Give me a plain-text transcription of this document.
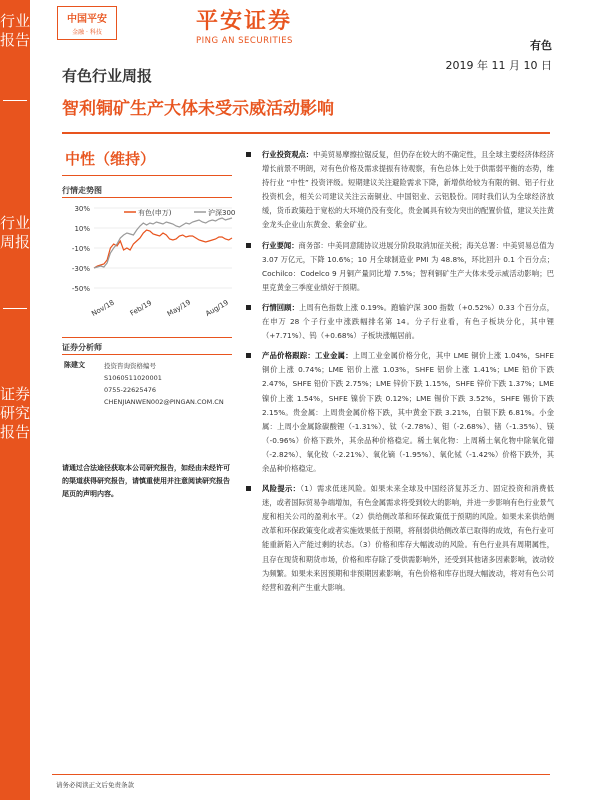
行业报告
行业周报
证券研究报告
中国平安
金融 · 科技	平安证券
PING AN SECURITIES	有色
2019 年 11 月 10 日
有色行业周报
智利铜矿生产大体未受示威活动影响
中性（维持）
行情走势图
有色(申万)	沪深300
30%
10%
-10%
-30%
-50%
Nov/18 Feb/19 May/19 Aug/19
证券分析师
陈建文	投资咨询资格编号
S1060511020001
0755-22625476
CHENJIANWEN002@PINGAN.COM.CN
请通过合法途径获取本公司研究报告，如经由未经许可的渠道获得研究报告，请慎重使用并注意阅读研究报告尾页的声明内容。
行业投资观点：中美贸易摩擦拉锯反复，但仍存在较大的不确定性，且全球主要经济体经济增长前景不明朗，对有色价格及需求提振有待观察，有色总体上处于供需弱平衡的态势，维持行业 “中性” 投资评级。短期建议关注避险需求下降，新增供给较为有限的铜、铝子行业投资机会，相关公司建议关注云南铜业、中国铝业、云铝股份。同时我们认为全球经济放缓，货币政策趋于宽松的大环境仍没有变化，贵金属具有较为突出的配置价值，建议关注黄金龙头企业山东黄金、紫金矿业。
行业要闻：商务部：中美同意随协议进展分阶段取消加征关税；海关总署：中美贸易总值为 3.07 万亿元，下降 10.6%；10 月全球制造业 PMI 为 48.8%，环比回升 0.1 个百分点；Cochilco：Codelco 9 月铜产量同比增 7.5%；智利铜矿生产大体未受示威活动影响；巴里克黄金三季度业绩好于预期。
行情回顾：上周有色指数上涨 0.19%。跑输沪深 300 指数（+0.52%）0.33 个百分点，在申万 28 个子行业中涨跌幅排名第 14。分子行业看，有色子板块分化，其中锂（+7.71%）、钨（+0.68%）子板块涨幅居前。
产品价格跟踪：工业金属：上周工业金属价格分化，其中 LME 铜价上涨 1.04%，SHFE 铜价上涨 0.74%；LME 铝价上涨 1.03%，SHFE 铝价上涨 1.41%；LME 铅价下跌 2.47%，SHFE 铅价下跌 2.75%；LME 锌价下跌 1.15%，SHFE 锌价下跌 1.37%；LME 镍价上涨 1.54%，SHFE 镍价下跌 0.12%；LME 锡价下跌 3.52%，SHFE 锡价下跌 2.15%。贵金属：上周贵金属价格下跌，其中黄金下跌 3.21%，白银下跌 6.81%。小金属：上周小金属除碳酸锂（-1.31%）、钛（-2.78%）、钼（-2.68%）、锗（-1.35%）、镁（-0.96%）价格下跌外，其余品种价格稳定。稀土氧化物：上周稀土氧化物中除氧化镨（-2.82%）、氧化钕（-2.21%）、氧化镝（-1.95%）、氧化铽（-1.42%）价格下跌外，其余品种价格稳定。
风险提示：（1）需求低迷风险。如果未来全球及中国经济复苏乏力、固定投资和消费低迷，或者国际贸易争端增加，有色金属需求将受到较大的影响，并进一步影响有色行业景气度和相关公司的盈利水平。（2）供给侧改革和环保政策低于预期的风险。如果未来供给侧改革和环保政策变化或者实施效果低于预期，将削弱供给侧改革已取得的成效，有色行业可能重新陷入产能过剩的状态。（3）价格和库存大幅波动的风险。有色行业具有周期属性，且存在现货和期货市场，价格和库存除了受供需影响外，还受到其他诸多因素影响，波动较为频繁。如果未来因预期和非预期因素影响，有色价格和库存出现大幅波动，将对有色公司经营和盈利产生重大影响。
请务必阅读正文后免责条款
